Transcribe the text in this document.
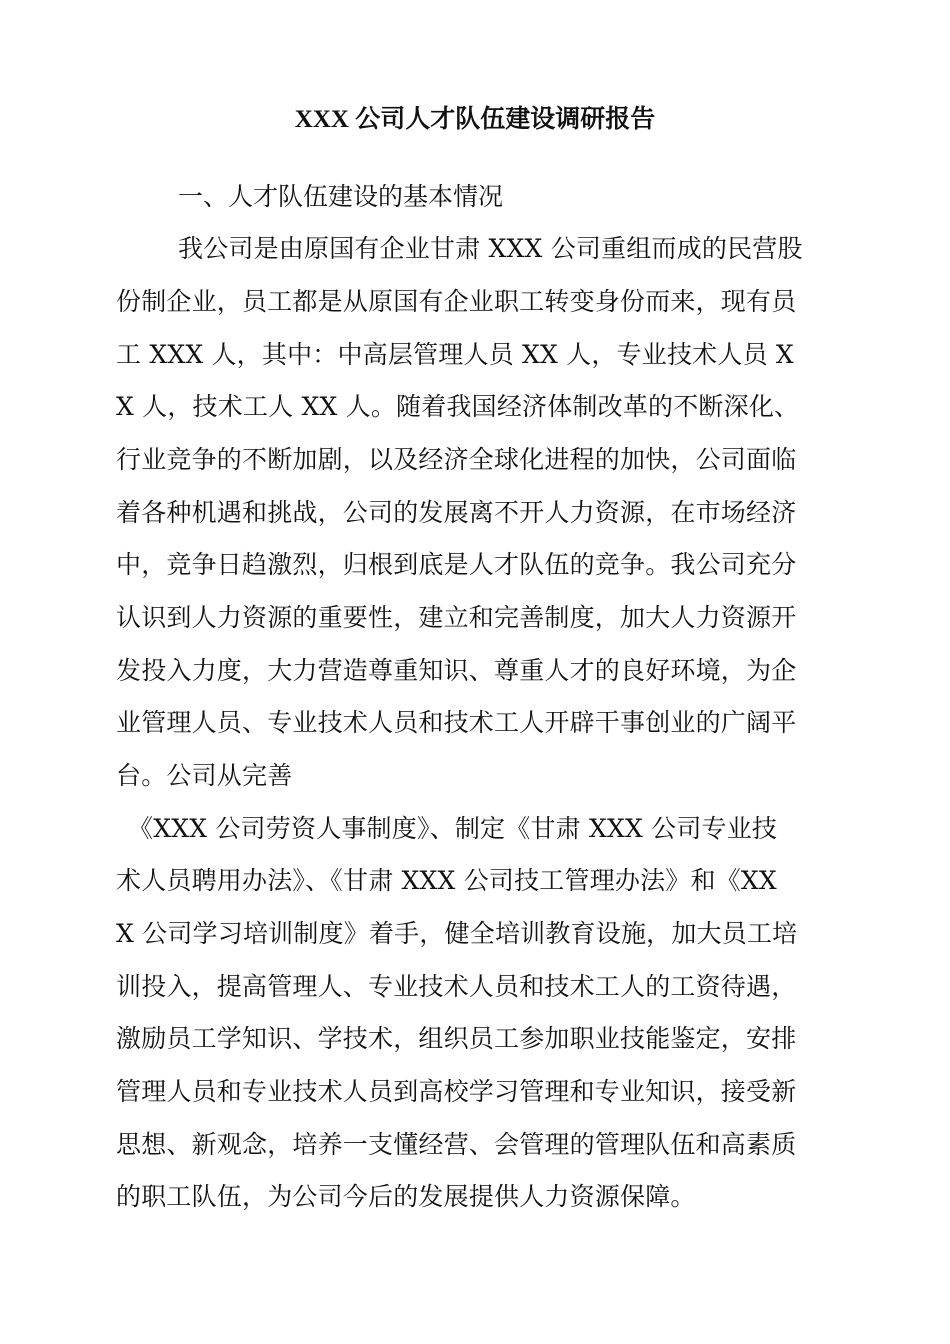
XXX 公司人才队伍建设调研报告
一、人才队伍建设的基本情况

我公司是由原国有企业甘肃 XXX 公司重组而成的民营股

份制企业，员工都是从原国有企业职工转变身份而来，现有员

工 XXX 人，其中：中高层管理人员 XX 人，专业技术人员 X

X 人，技术工人 XX 人。随着我国经济体制改革的不断深化、

行业竞争的不断加剧，以及经济全球化进程的加快，公司面临

着各种机遇和挑战，公司的发展离不开人力资源，在市场经济

中，竞争日趋激烈，归根到底是人才队伍的竞争。我公司充分

认识到人力资源的重要性，建立和完善制度，加大人力资源开

发投入力度，大力营造尊重知识、尊重人才的良好环境，为企

业管理人员、专业技术人员和技术工人开辟干事创业的广阔平

台。公司从完善

《XXX 公司劳资人事制度》、制定《甘肃 XXX 公司专业技

术人员聘用办法》、《甘肃 XXX 公司技工管理办法》和《XX

X 公司学习培训制度》着手，健全培训教育设施，加大员工培

训投入，提高管理人、专业技术人员和技术工人的工资待遇，

激励员工学知识、学技术，组织员工参加职业技能鉴定，安排

管理人员和专业技术人员到高校学习管理和专业知识，接受新

思想、新观念，培养一支懂经营、会管理的管理队伍和高素质

的职工队伍，为公司今后的发展提供人力资源保障。
